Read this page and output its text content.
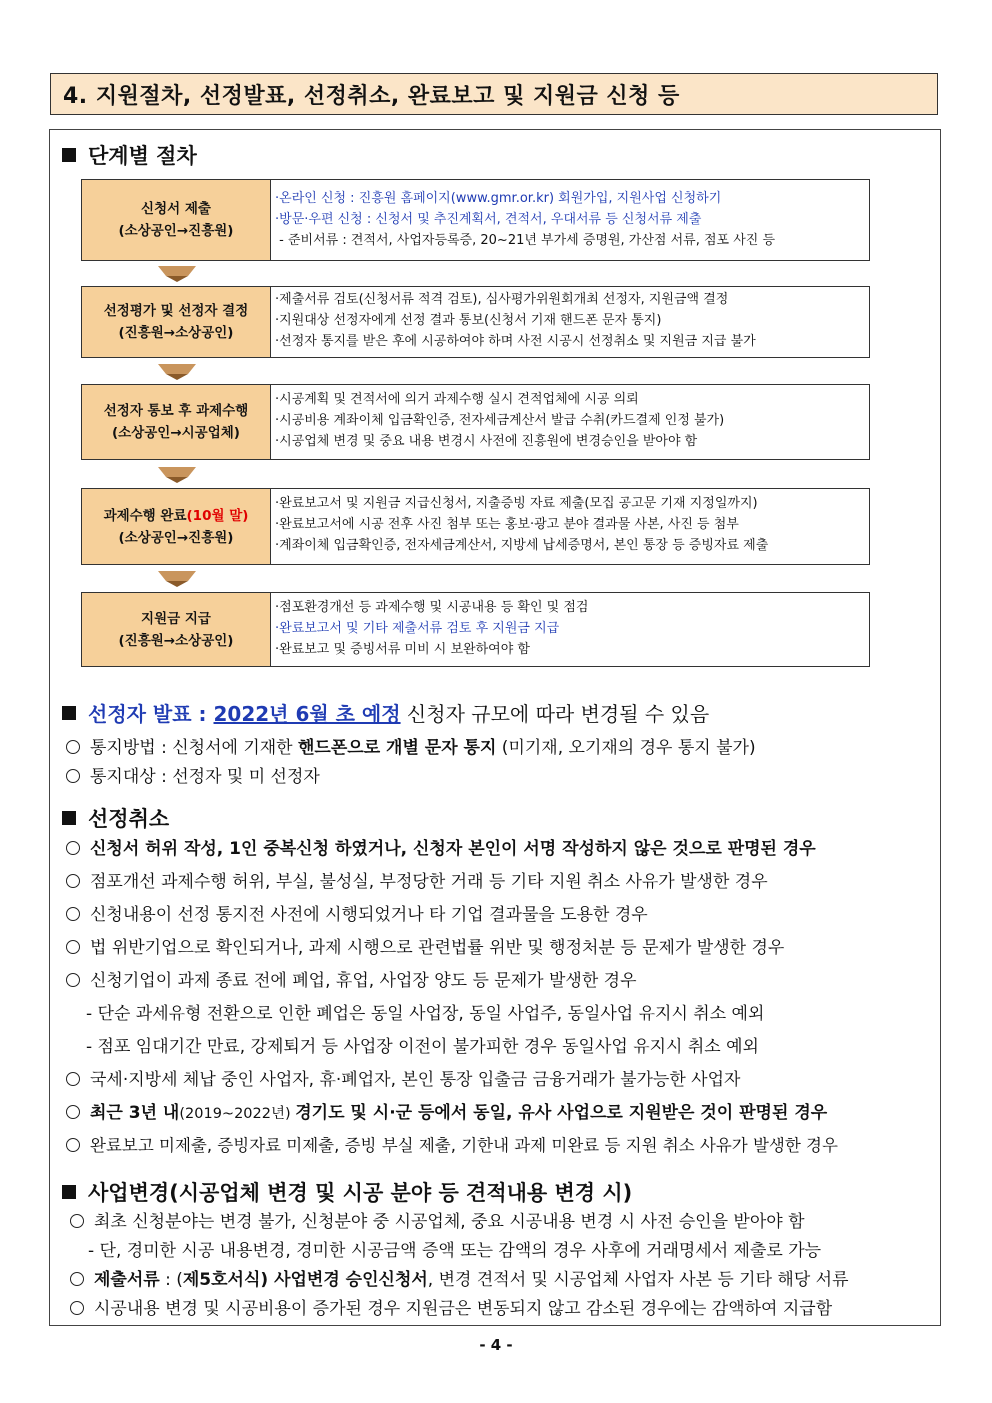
4. 지원절차, 선정발표, 선정취소, 완료보고 및 지원금 신청 등
단계별 절차
신청서 제출
(소상공인→진흥원)
·온라인 신청 : 진흥원 홈페이지(www.gmr.or.kr) 회원가입, 지원사업 신청하기
·방문·우편 신청 : 신청서 및 추진계획서, 견적서, 우대서류 등 신청서류 제출
- 준비서류 : 견적서, 사업자등록증, 20~21년 부가세 증명원, 가산점 서류, 점포 사진 등
선정평가 및 선정자 결정
(진흥원→소상공인)
·제출서류 검토(신청서류 적격 검토), 심사평가위원회개최 선정자, 지원금액 결정
·지원대상 선정자에게 선정 결과 통보(신청서 기재 핸드폰 문자 통지)
·선정자 통지를 받은 후에 시공하여야 하며 사전 시공시 선정취소 및 지원금 지급 불가
선정자 통보 후 과제수행
(소상공인→시공업체)
·시공계획 및 견적서에 의거 과제수행 실시 견적업체에 시공 의뢰
·시공비용 계좌이체 입금확인증, 전자세금계산서 발급 수취(카드결제 인정 불가)
·시공업체 변경 및 중요 내용 변경시 사전에 진흥원에 변경승인을 받아야 함
과제수행 완료(10월 말)
(소상공인→진흥원)
·완료보고서 및 지원금 지급신청서, 지출증빙 자료 제출(모집 공고문 기재 지정일까지)
·완료보고서에 시공 전후 사진 첨부 또는 홍보·광고 분야 결과물 사본, 사진 등 첨부
·계좌이체 입금확인증, 전자세금계산서, 지방세 납세증명서, 본인 통장 등 증빙자료 제출
지원금 지급
(진흥원→소상공인)
·점포환경개선 등 과제수행 및 시공내용 등 확인 및 점검
·완료보고서 및 기타 제출서류 검토 후 지원금 지급
·완료보고 및 증빙서류 미비 시 보완하여야 함
선정자 발표 : 2022년 6월 초 예정 신청자 규모에 따라 변경될 수 있음
통지방법 : 신청서에 기재한 핸드폰으로 개별 문자 통지 (미기재, 오기재의 경우 통지 불가)
통지대상 : 선정자 및 미 선정자
선정취소
신청서 허위 작성, 1인 중복신청 하였거나, 신청자 본인이 서명 작성하지 않은 것으로 판명된 경우
점포개선 과제수행 허위, 부실, 불성실, 부정당한 거래 등 기타 지원 취소 사유가 발생한 경우
신청내용이 선정 통지전 사전에 시행되었거나 타 기업 결과물을 도용한 경우
법 위반기업으로 확인되거나, 과제 시행으로 관련법률 위반 및 행정처분 등 문제가 발생한 경우
신청기업이 과제 종료 전에 폐업, 휴업, 사업장 양도 등 문제가 발생한 경우
- 단순 과세유형 전환으로 인한 폐업은 동일 사업장, 동일 사업주, 동일사업 유지시 취소 예외
- 점포 임대기간 만료, 강제퇴거 등 사업장 이전이 불가피한 경우 동일사업 유지시 취소 예외
국세·지방세 체납 중인 사업자, 휴·폐업자, 본인 통장 입출금 금융거래가 불가능한 사업자
최근 3년 내(2019~2022년) 경기도 및 시·군 등에서 동일, 유사 사업으로 지원받은 것이 판명된 경우
완료보고 미제출, 증빙자료 미제출, 증빙 부실 제출, 기한내 과제 미완료 등 지원 취소 사유가 발생한 경우
사업변경(시공업체 변경 및 시공 분야 등 견적내용 변경 시)
최초 신청분야는 변경 불가, 신청분야 중 시공업체, 중요 시공내용 변경 시 사전 승인을 받아야 함
- 단, 경미한 시공 내용변경, 경미한 시공금액 증액 또는 감액의 경우 사후에 거래명세서 제출로 가능
제출서류 : (제5호서식) 사업변경 승인신청서, 변경 견적서 및 시공업체 사업자 사본 등 기타 해당 서류
시공내용 변경 및 시공비용이 증가된 경우 지원금은 변동되지 않고 감소된 경우에는 감액하여 지급함
- 4 -
